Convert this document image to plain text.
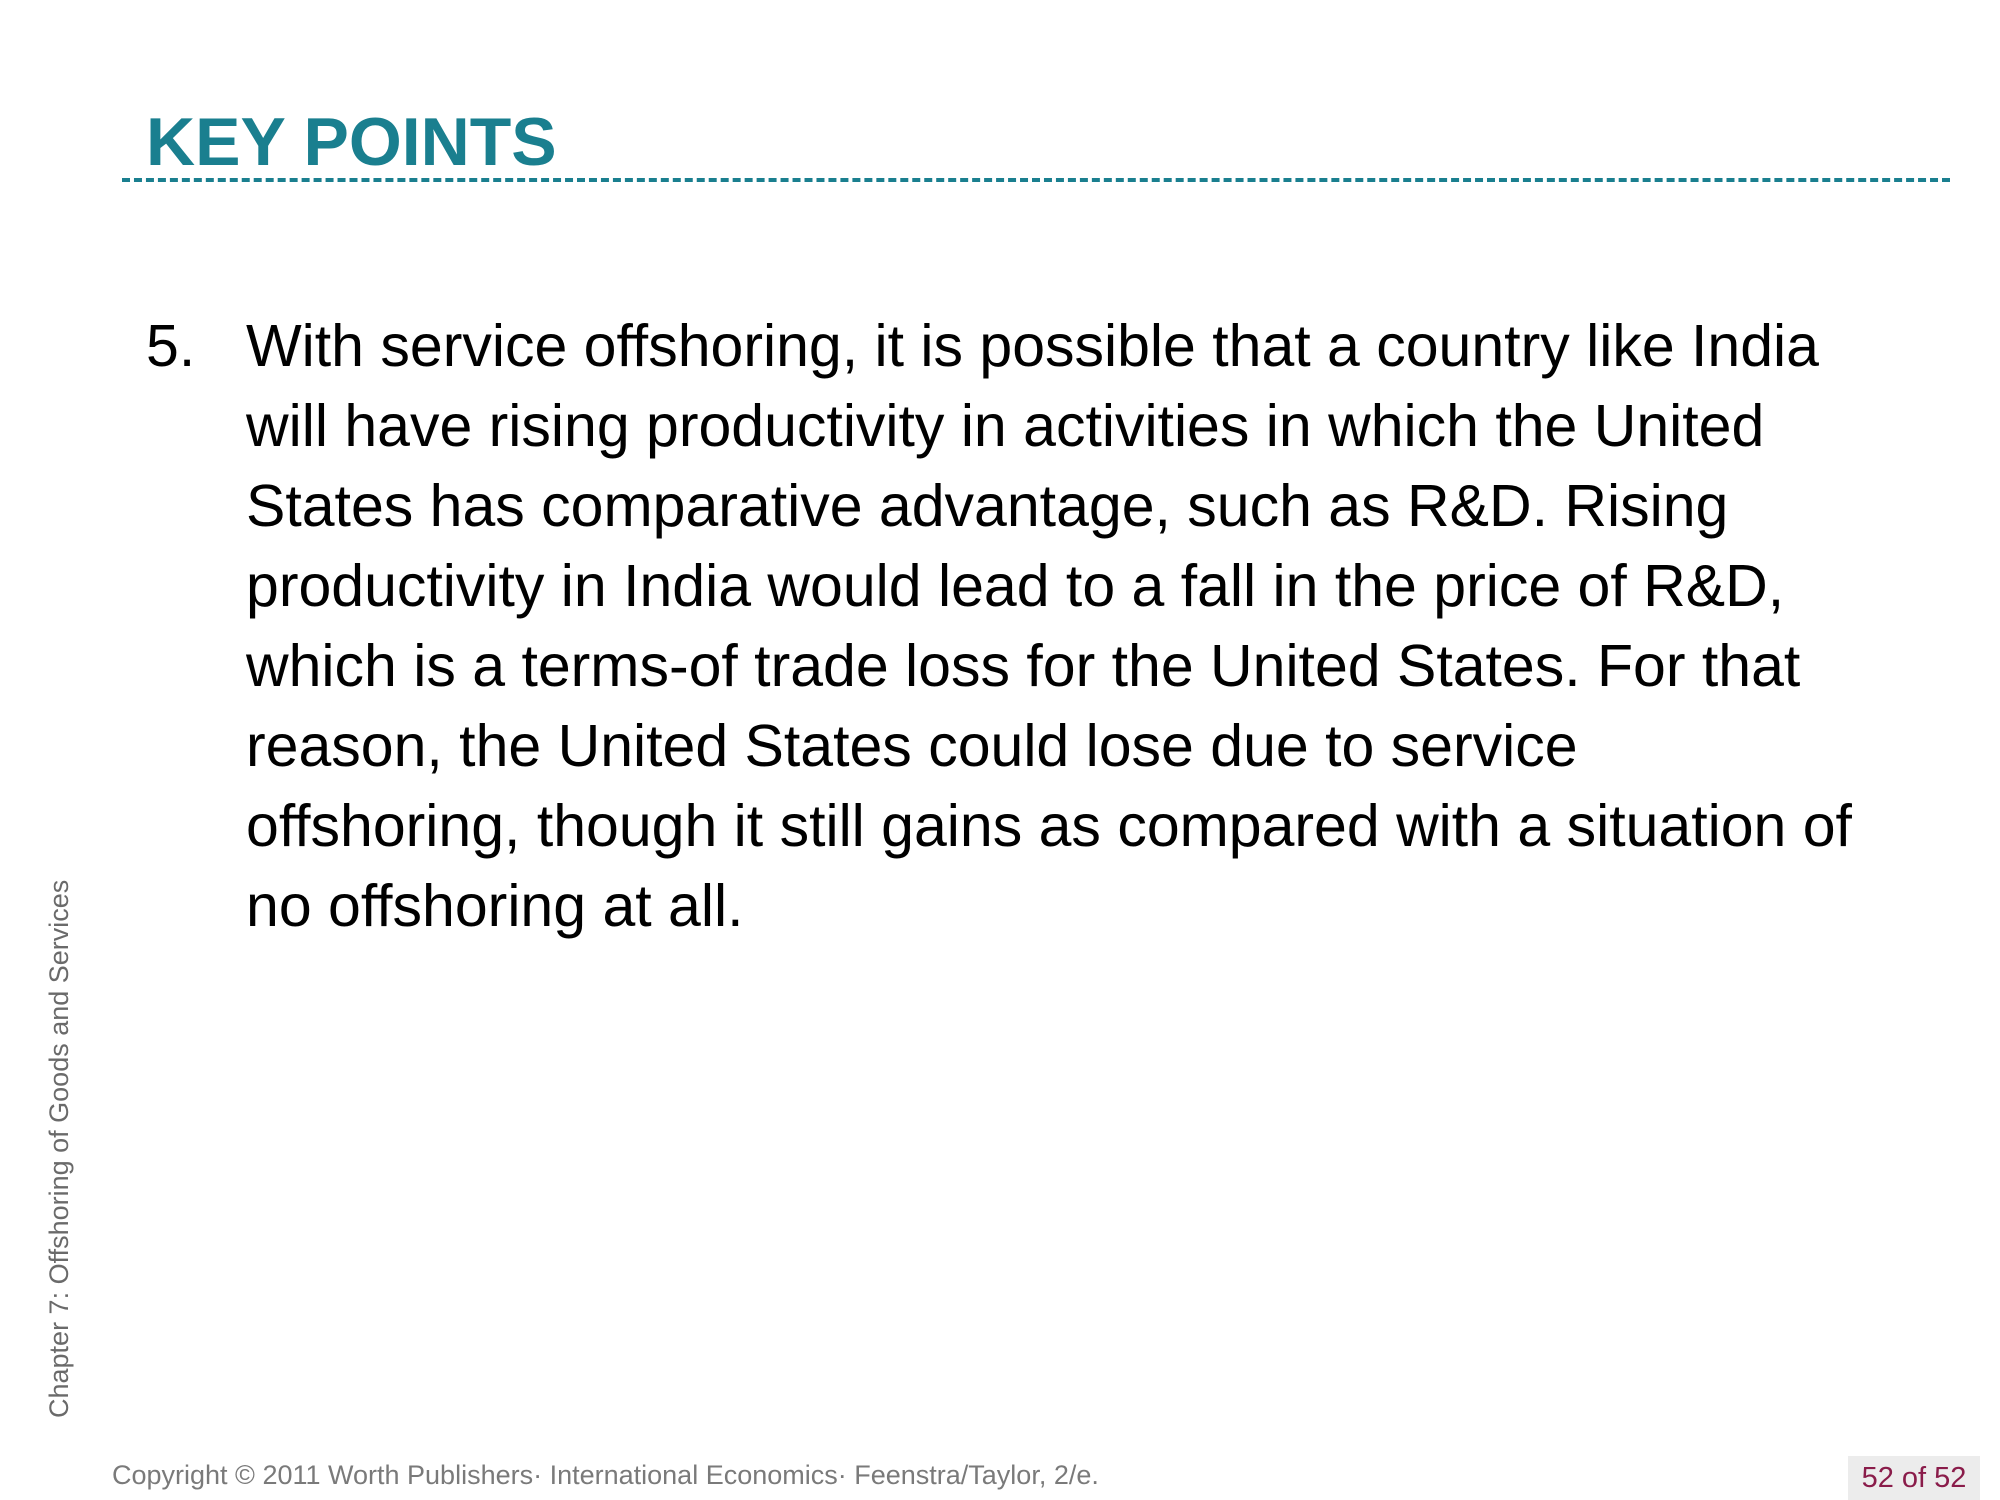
KEY POINTS
5. With service offshoring, it is possible that a country like India will have rising productivity in activities in which the United States has comparative advantage, such as R&D. Rising productivity in India would lead to a fall in the price of R&D, which is a terms-of trade loss for the United States. For that reason, the United States could lose due to service offshoring, though it still gains as compared with a situation of no offshoring at all.

Chapter 7: Offshoring of Goods and Services
Copyright © 2011 Worth Publishers· International Economics· Feenstra/Taylor, 2/e.	52 of 52
